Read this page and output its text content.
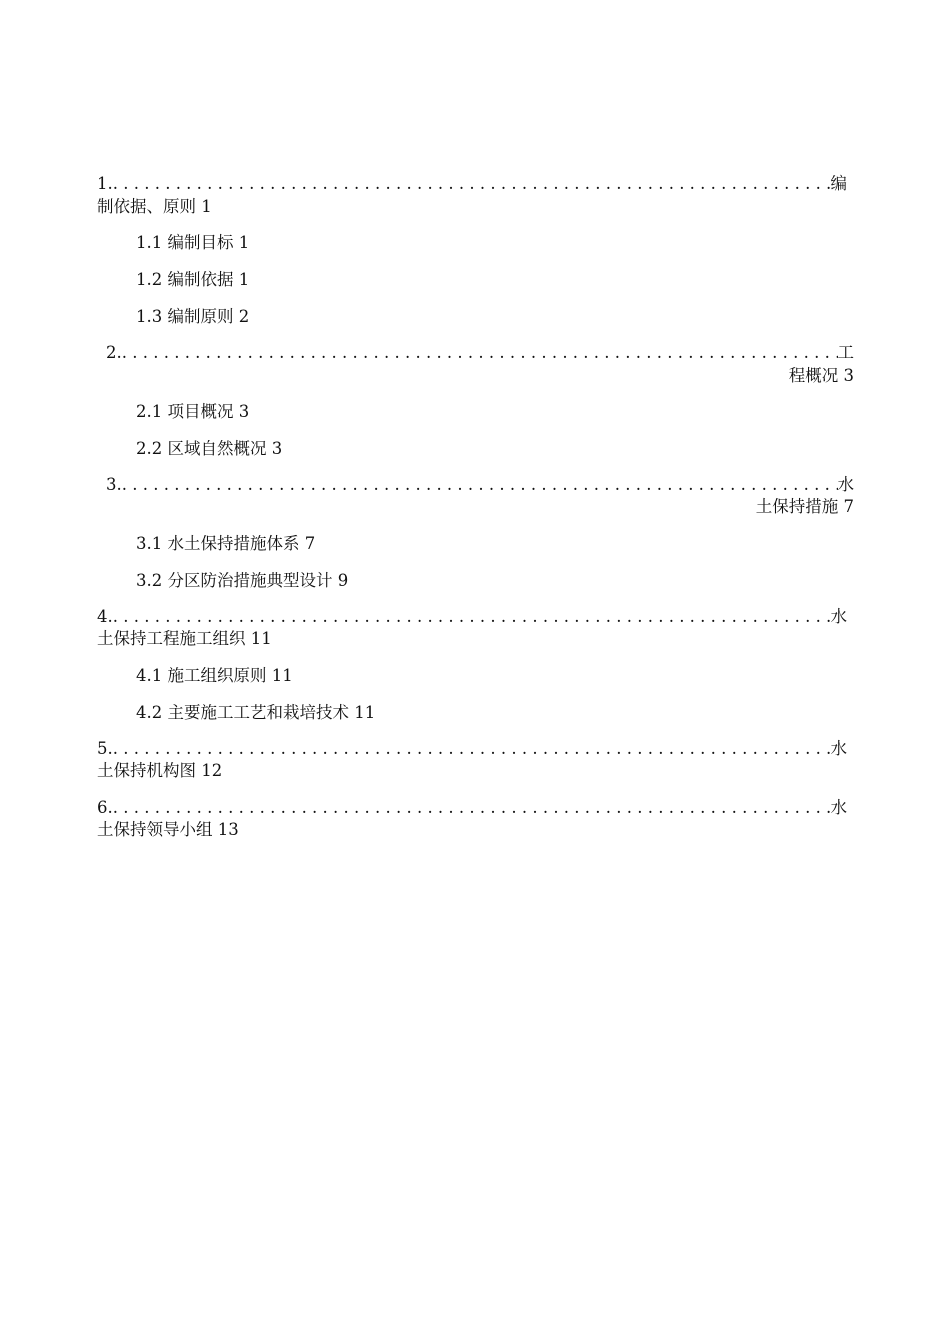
1. . . .	编
制依据、原则 1
1.1 编制目标 1
1.2 编制依据 1
1.3 编制原则 2
2. . . .	工
程概况 3
2.1 项目概况 3
2.2 区域自然概况 3
3. . . .	水
土保持措施 7
3.1 水土保持措施体系 7
3.2 分区防治措施典型设计 9
4. . . .	水
土保持工程施工组织 11
4.1 施工组织原则 11
4.2 主要施工工艺和栽培技术 11
5. . . .	水
土保持机构图 12
6. . . .	水
土保持领导小组 13
